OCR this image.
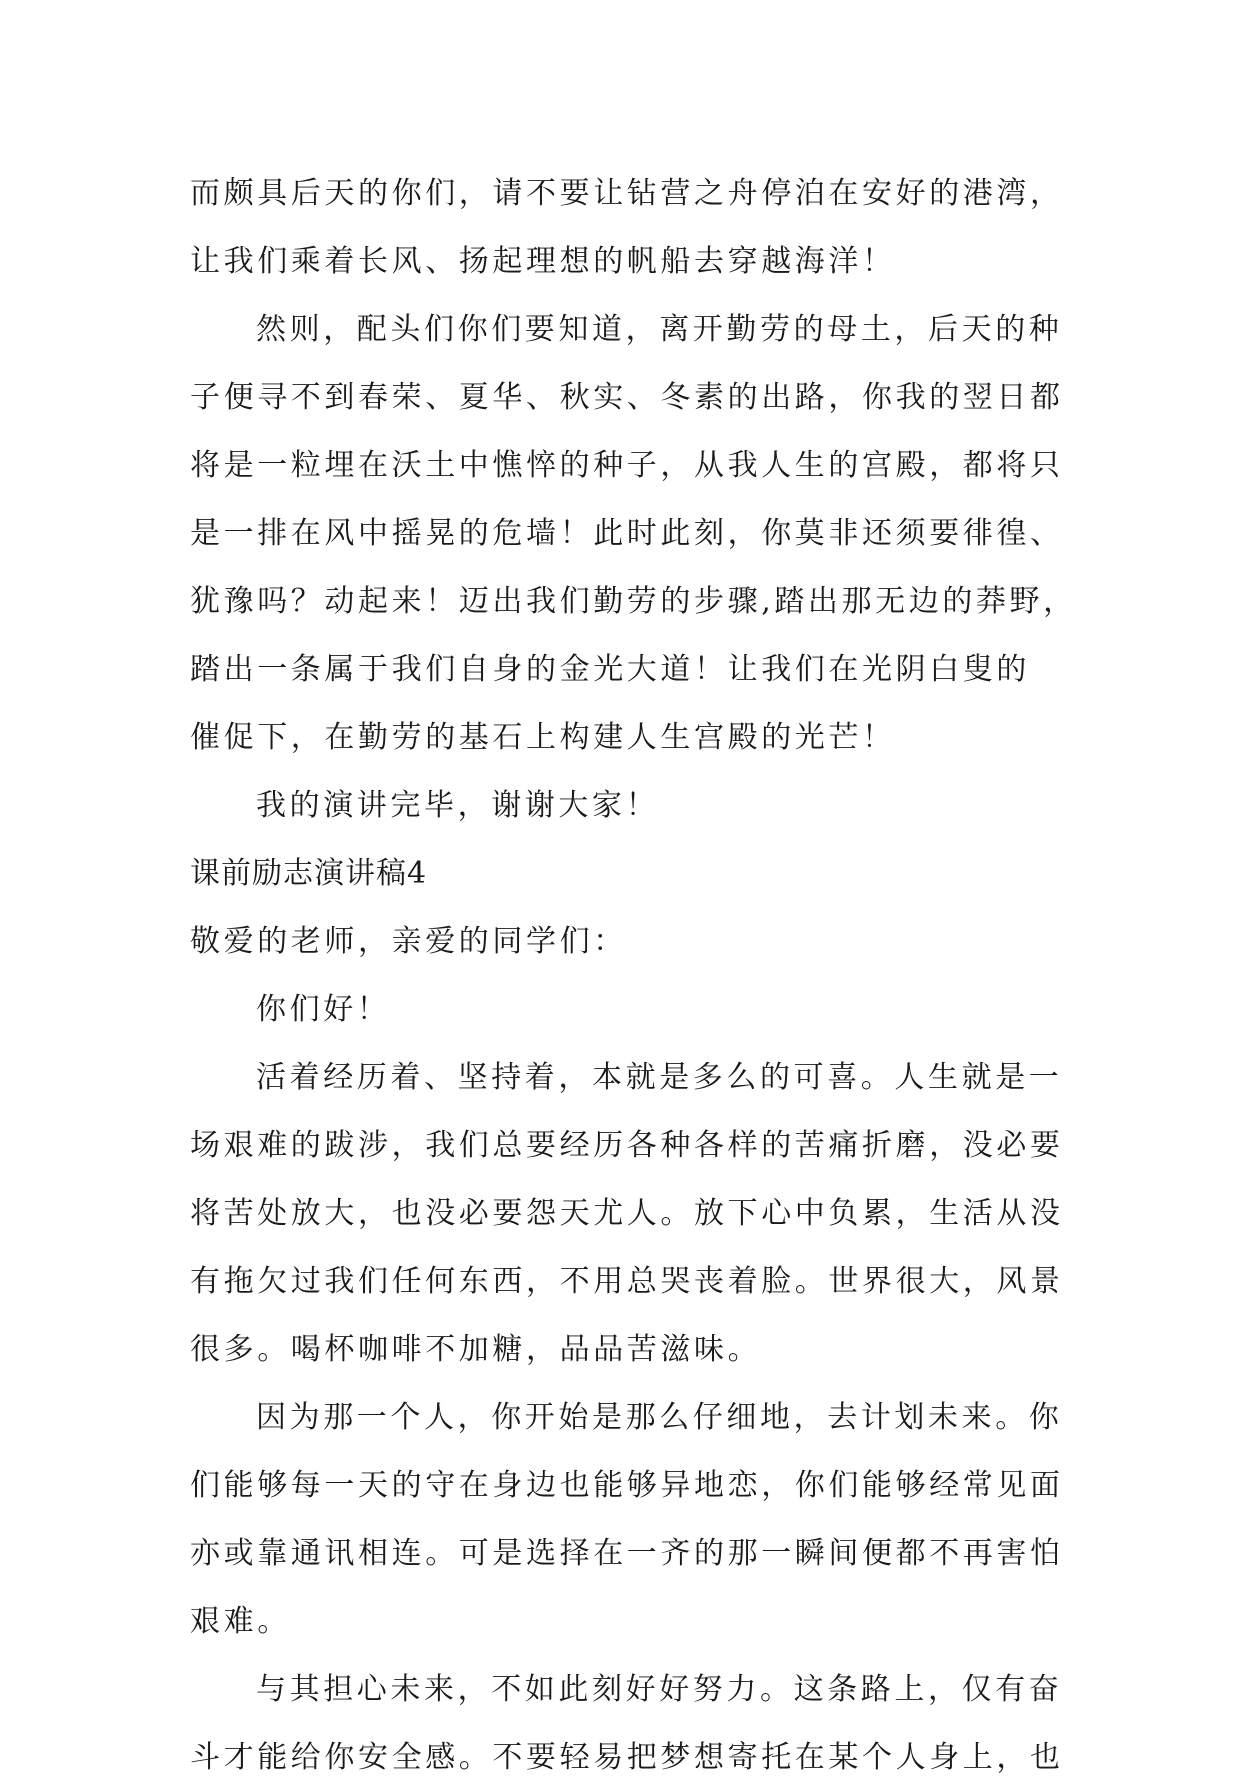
而颇具后天的你们，请不要让钻营之舟停泊在安好的港湾，
让我们乘着长风、扬起理想的帆船去穿越海洋！
然则，配头们你们要知道，离开勤劳的母土，后天的种
子便寻不到春荣、夏华、秋实、冬素的出路，你我的翌日都
将是一粒埋在沃土中憔悴的种子，从我人生的宫殿，都将只
是一排在风中摇晃的危墙！此时此刻，你莫非还须要徘徨、
犹豫吗？动起来！迈出我们勤劳的步骤,踏出那无边的莽野，
踏出一条属于我们自身的金光大道！让我们在光阴白叟的
催促下，在勤劳的基石上构建人生宫殿的光芒！
我的演讲完毕，谢谢大家！
课前励志演讲稿4
敬爱的老师，亲爱的同学们：
你们好！
活着经历着、坚持着，本就是多么的可喜。人生就是一
场艰难的跋涉，我们总要经历各种各样的苦痛折磨，没必要
将苦处放大，也没必要怨天尤人。放下心中负累，生活从没
有拖欠过我们任何东西，不用总哭丧着脸。世界很大，风景
很多。喝杯咖啡不加糖，品品苦滋味。
因为那一个人，你开始是那么仔细地，去计划未来。你
们能够每一天的守在身边也能够异地恋，你们能够经常见面
亦或靠通讯相连。可是选择在一齐的那一瞬间便都不再害怕
艰难。
与其担心未来，不如此刻好好努力。这条路上，仅有奋
斗才能给你安全感。不要轻易把梦想寄托在某个人身上，也
